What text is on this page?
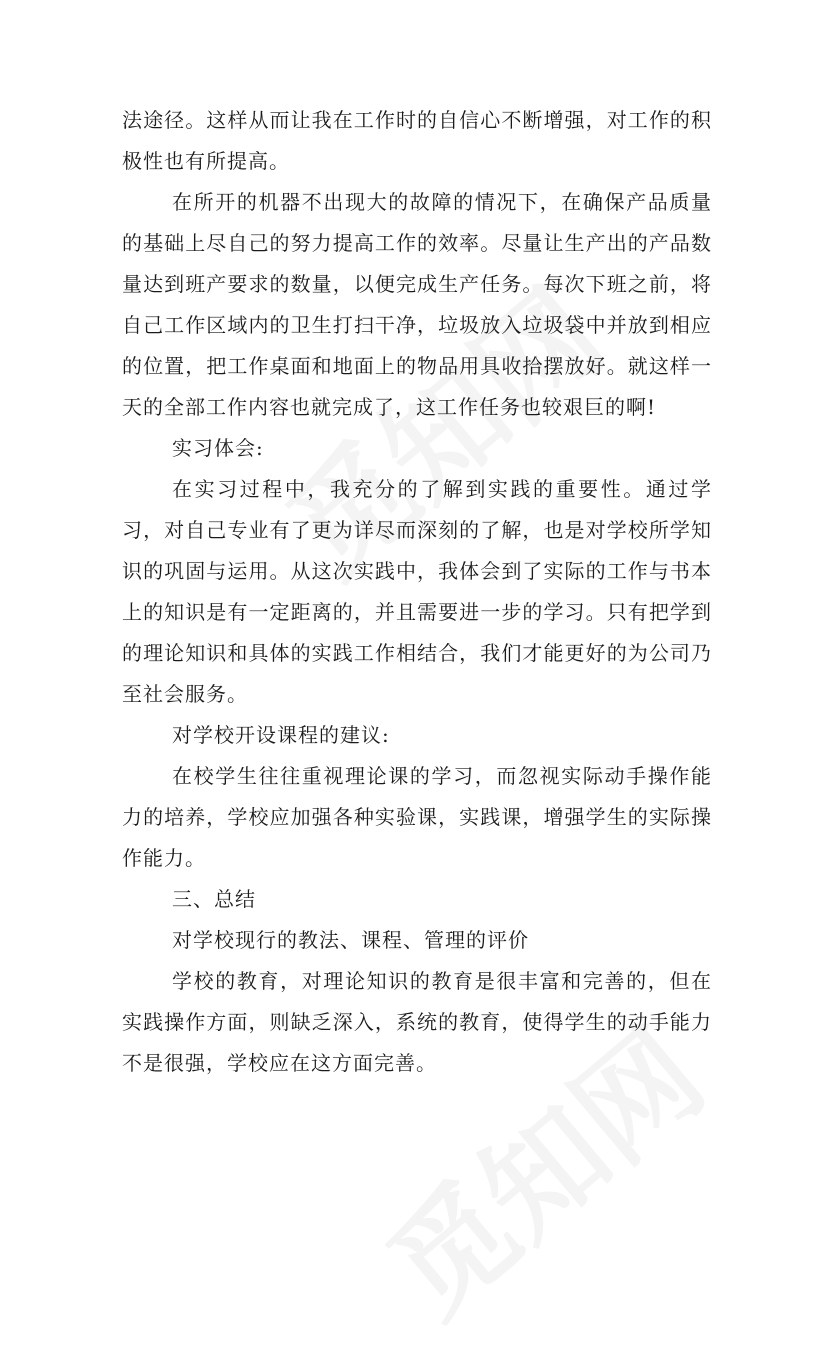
法途径。这样从而让我在工作时的自信心不断增强，对工作的积极性也有所提高。

在所开的机器不出现大的故障的情况下，在确保产品质量的基础上尽自己的努力提高工作的效率。尽量让生产出的产品数量达到班产要求的数量，以便完成生产任务。每次下班之前，将自己工作区域内的卫生打扫干净，垃圾放入垃圾袋中并放到相应的位置，把工作桌面和地面上的物品用具收拾摆放好。就这样一天的全部工作内容也就完成了，这工作任务也较艰巨的啊!

实习体会:

在实习过程中，我充分的了解到实践的重要性。通过学习，对自己专业有了更为详尽而深刻的了解，也是对学校所学知识的巩固与运用。从这次实践中，我体会到了实际的工作与书本上的知识是有一定距离的，并且需要进一步的学习。只有把学到的理论知识和具体的实践工作相结合，我们才能更好的为公司乃至社会服务。

对学校开设课程的建议:

在校学生往往重视理论课的学习，而忽视实际动手操作能力的培养，学校应加强各种实验课，实践课，增强学生的实际操作能力。

三、总结

对学校现行的教法、课程、管理的评价

学校的教育，对理论知识的教育是很丰富和完善的，但在实践操作方面，则缺乏深入，系统的教育，使得学生的动手能力不是很强，学校应在这方面完善。
